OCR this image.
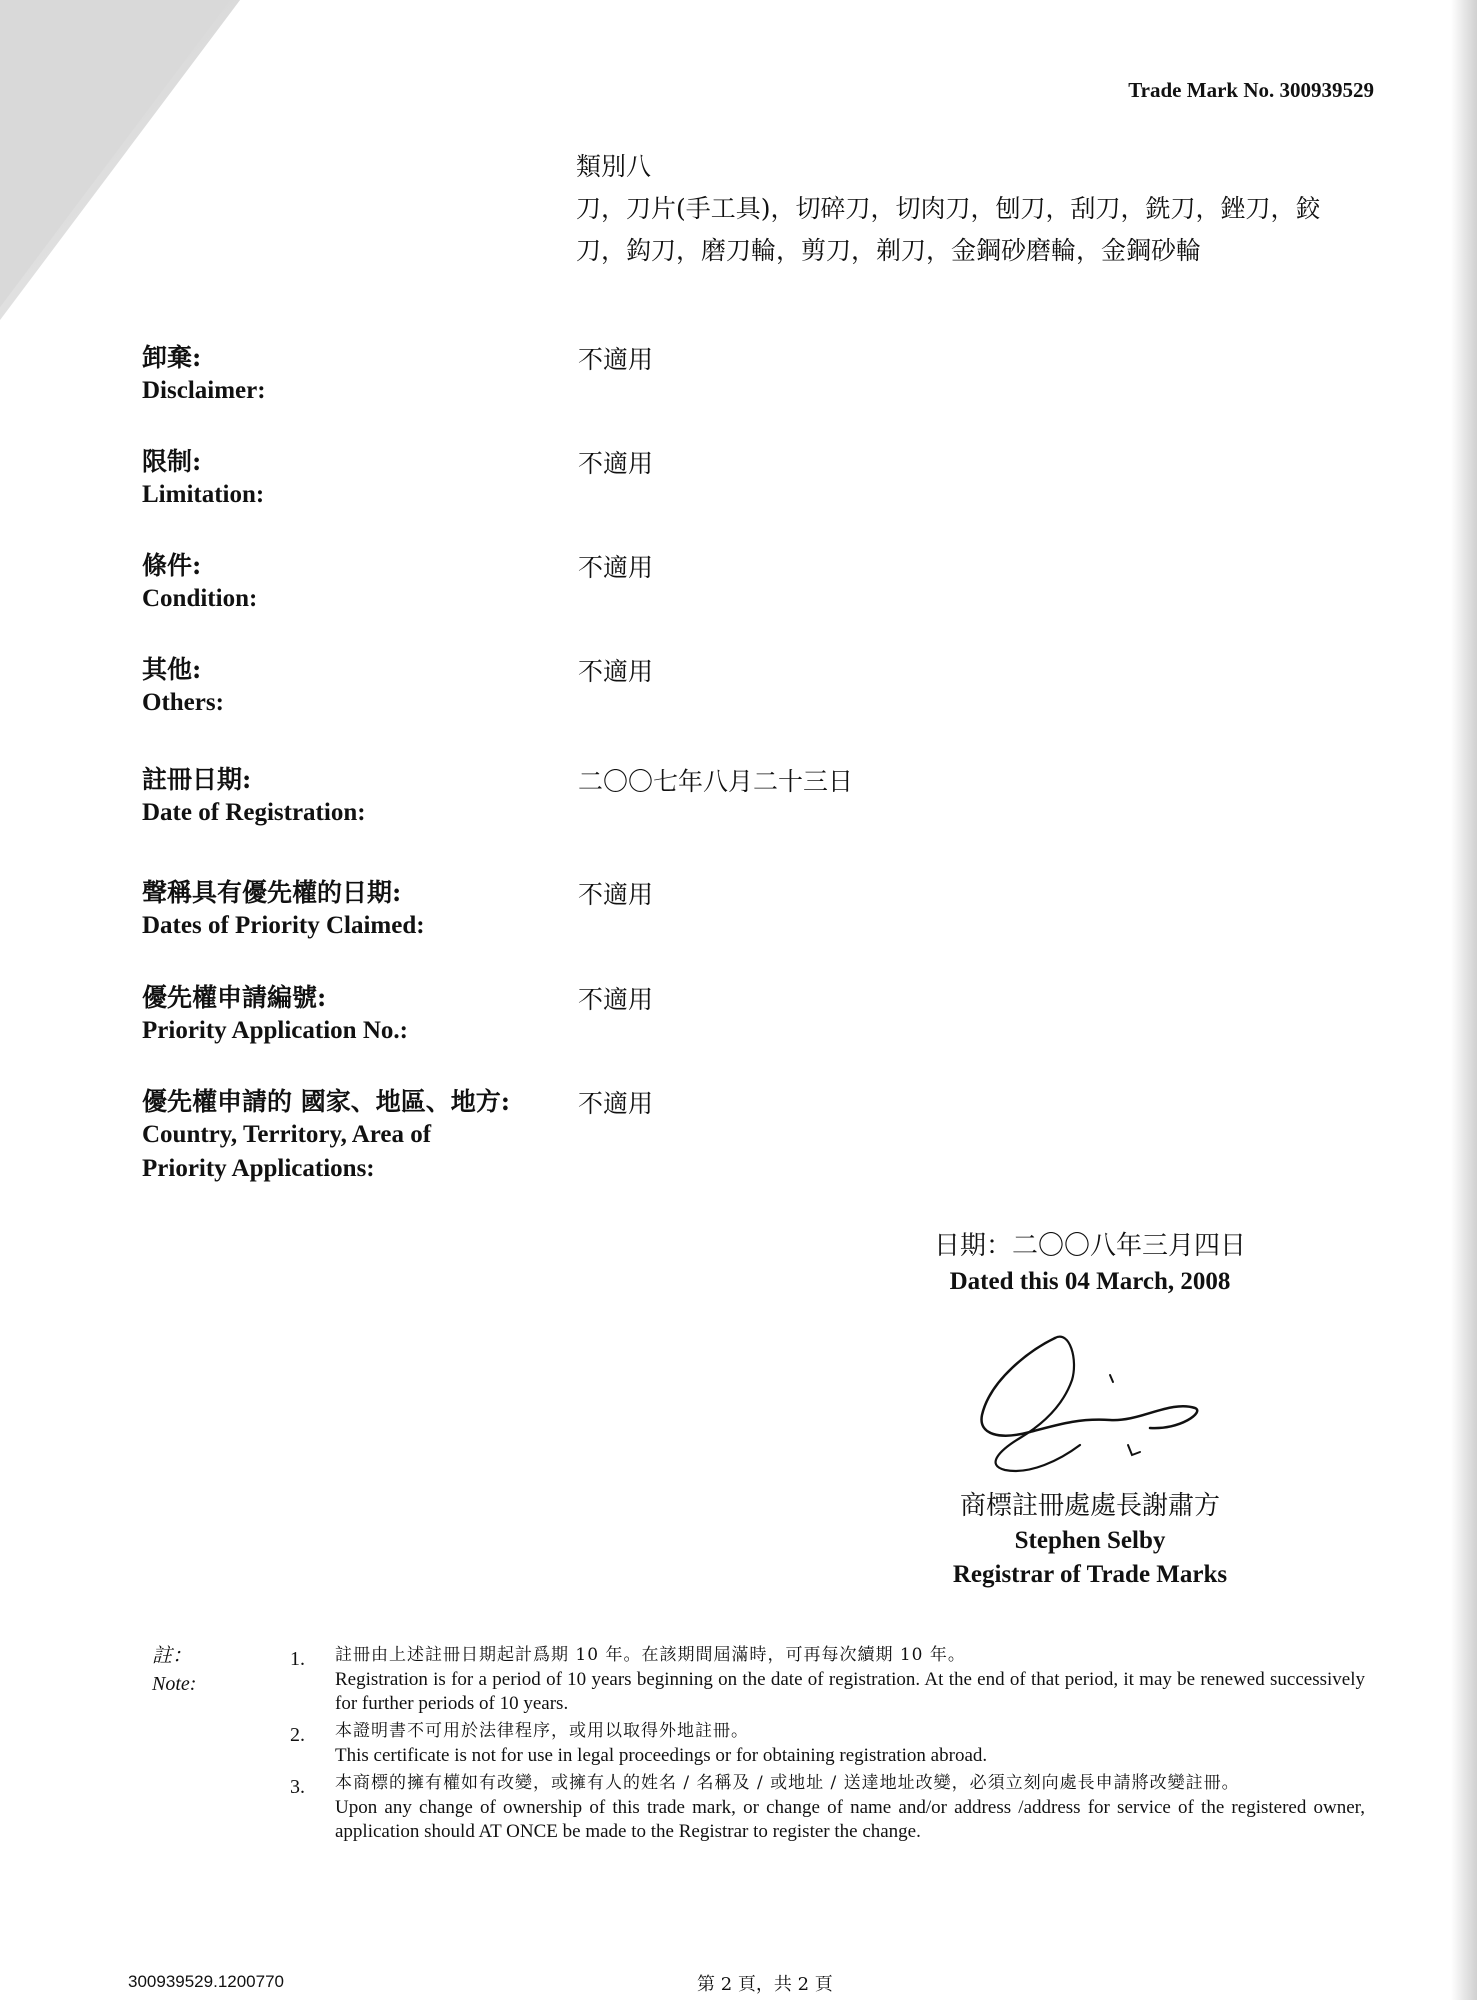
Trade Mark No. 300939529
類別八
刀，刀片(手工具)，切碎刀，切肉刀，刨刀，刮刀，銑刀，銼刀，鉸刀，鈎刀，磨刀輪，剪刀，剃刀，金鋼砂磨輪，金鋼砂輪
卸棄:
Disclaimer:
不適用
限制:
Limitation:
不適用
條件:
Condition:
不適用
其他:
Others:
不適用
註冊日期:
Date of Registration:
二〇〇七年八月二十三日
聲稱具有優先權的日期:
Dates of Priority Claimed:
不適用
優先權申請編號:
Priority Application No.:
不適用
優先權申請的 國家、地區、地方:
Country, Territory, Area of Priority Applications:
不適用
日期：二〇〇八年三月四日
Dated this 04 March, 2008
商標註冊處處長謝肅方
Stephen Selby
Registrar of Trade Marks
註：
Note:
1. 註冊由上述註冊日期起計爲期 10 年。在該期間屆滿時，可再每次續期 10 年。
Registration is for a period of 10 years beginning on the date of registration. At the end of that period, it may be renewed successively for further periods of 10 years.
2. 本證明書不可用於法律程序，或用以取得外地註冊。
This certificate is not for use in legal proceedings or for obtaining registration abroad.
3. 本商標的擁有權如有改變，或擁有人的姓名 / 名稱及 / 或地址 / 送達地址改變，必須立刻向處長申請將改變註冊。
Upon any change of ownership of this trade mark, or change of name and/or address /address for service of the registered owner, application should AT ONCE be made to the Registrar to register the change.
300939529.1200770	第 2 頁，共 2 頁
